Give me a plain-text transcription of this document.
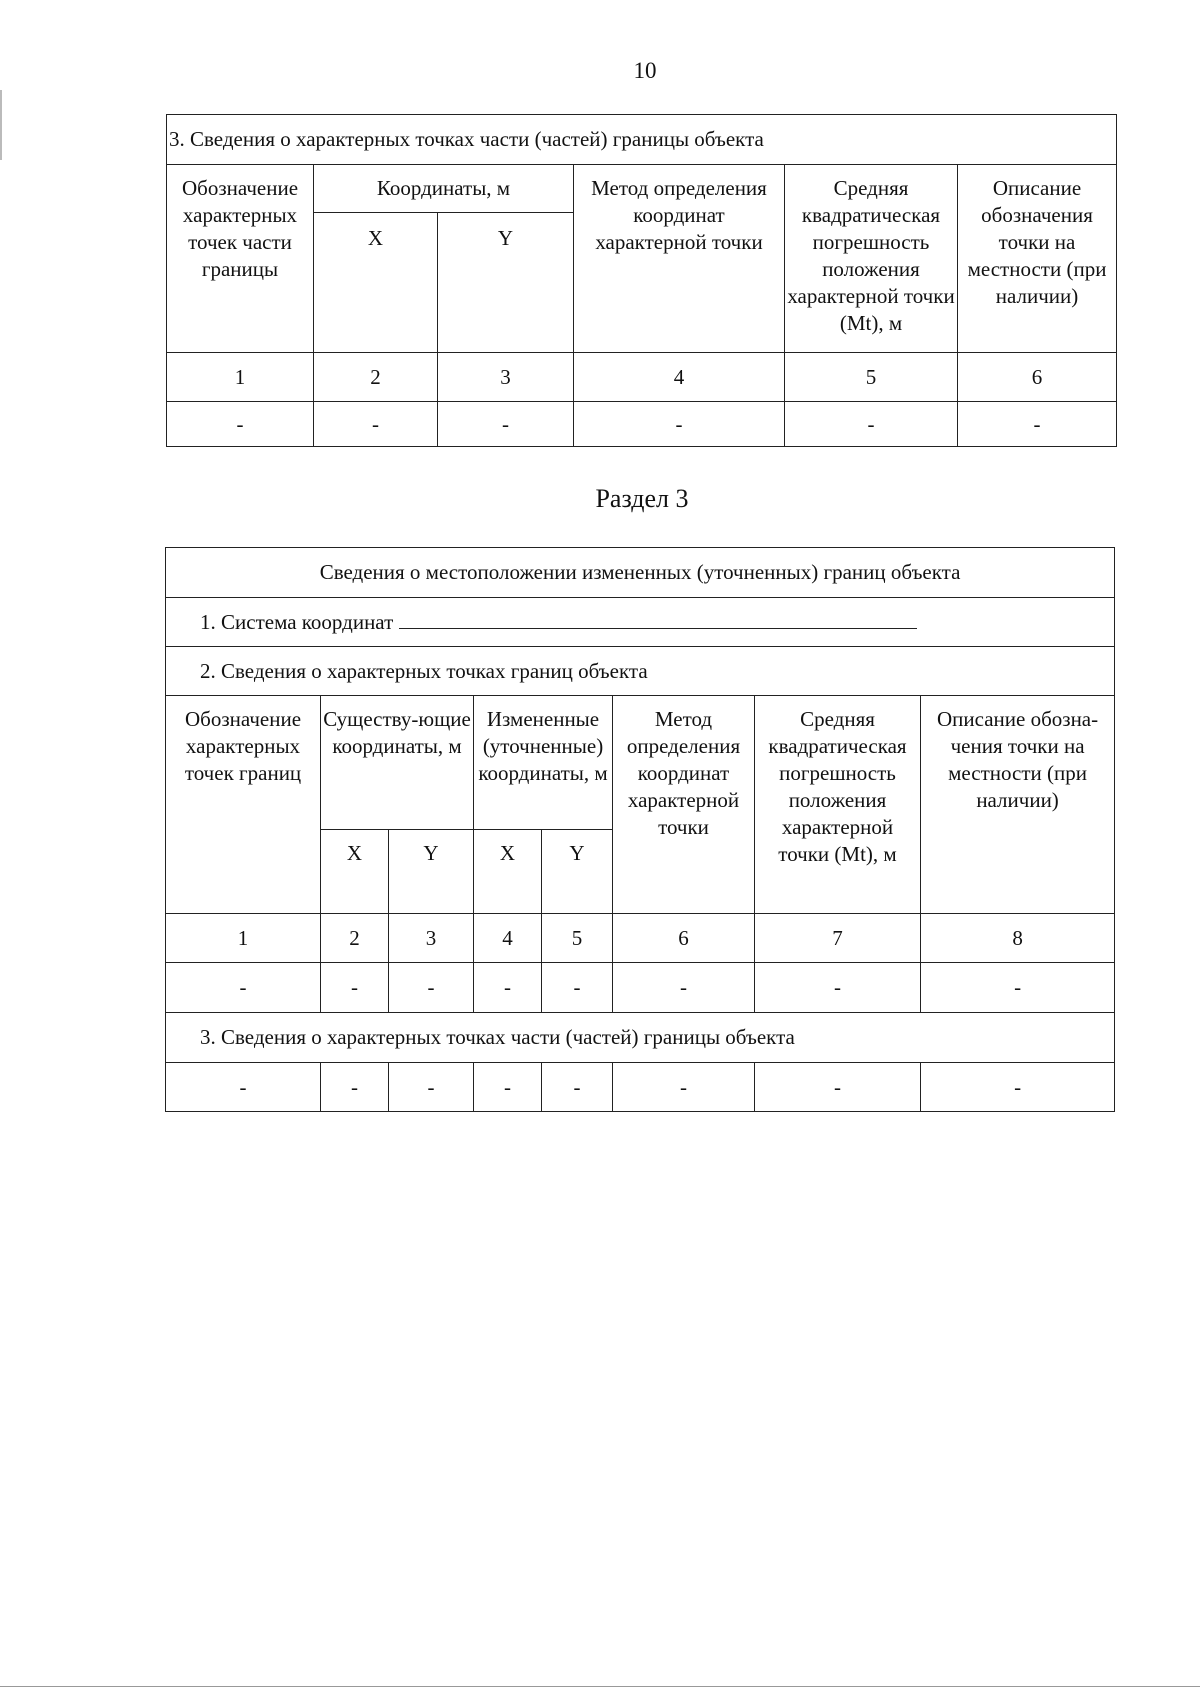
10
3. Сведения о характерных точках части (частей) границы объекта					
Обозначение характерных точек части границы	Координаты, м		Метод определения координат характерной точки	Средняя квадратическая погрешность положения характерной точки (Mt), м	Описание обозначения точки на местности (при наличии)
	X	Y			
1	2	3	4	5	6
-	-	-	-	-	-
Раздел 3
Сведения о местоположении измененных (уточненных) границ объекта							
1. Система координат							
2. Сведения о характерных точках границ объекта							
Обозначение характерных точек границ	Существу-ющие координаты, м		Измененные (уточненные) координаты, м		Метод определения координат характерной точки	Средняя квадратическая погрешность положения характерной точки (Mt), м	Описание обозна-чения точки на местности (при наличии)
	X	Y	X	Y			
1	2	3	4	5	6	7	8
-	-	-	-	-	-	-	-
3. Сведения о характерных точках части (частей) границы объекта							
-	-	-	-	-	-	-	-
